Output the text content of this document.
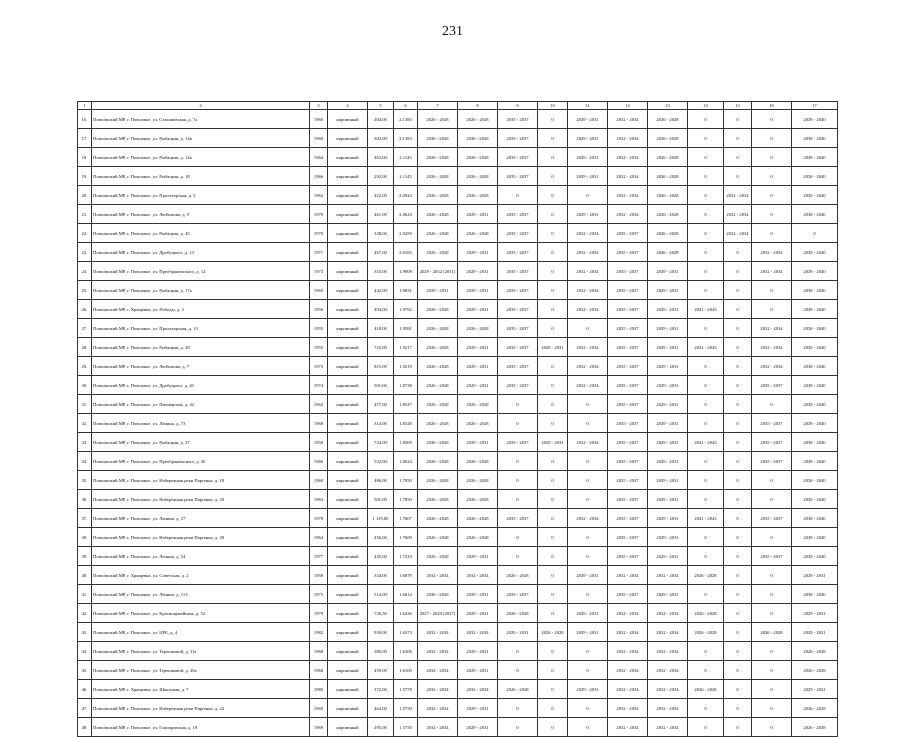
231
1	2	3	4	5	6	7	8	9	10	11	12	13	14	15	16	17
16.	Поволжский МР, г. Поволжье, ул. Стахановская, д. 7а	1960	кирпичный	204,00	2.1383	2026 - 2028	2026 - 2028	2035 - 2037	0	2029 - 2031	2032 - 2034	2026 - 2028	0	0	0	2038 - 2040
17.	Поволжский МР, г. Поволжье, ул. Рыбацкая, д. 14в	1960	кирпичный	302,00	2.1383	2026 - 2028	2026 - 2028	2035 - 2037	0	2029 - 2031	2032 - 2034	2026 - 2028	0	0	0	2038 - 2040
18.	Поволжский МР, г. Поволжье, ул. Рыбацкая, д. 14а	1964	кирпичный	463,00	2.1143	2026 - 2028	2026 - 2028	2035 - 2037	0	2029 - 2031	2032 - 2034	2026 - 2028	0	0	0	2038 - 2040
19.	Поволжский МР, г. Поволжье, ул. Рыбацкая, д. 18	1966	кирпичный	292,00	2.1143	2026 - 2028	2026 - 2028	2035 - 2037	0	2029 - 2031	2032 - 2034	2026 - 2028	0	0	0	2038 - 2040
20.	Поволжский МР, г. Поволжье, ул. Пролетарская, д. 5	1962	кирпичный	422,00	2.0944	2026 - 2028	2026 - 2028	0	0	0	2032 - 2034	2026 - 2028	0	2032 - 2034	0	2038 - 2040
21.	Поволжский МР, г. Поволжье, ул. Любимова, д. 5	1970	кирпичный	461,00	2.0623	2026 - 2028	2029 - 2031	2035 - 2037	0	2029 - 2031	2032 - 2034	2026 - 2028	0	2032 - 2034	0	2038 - 2040
22.	Поволжский МР, г. Поволжье, ул. Рыбацкая, д. 45	1970	кирпичный	338,00	2.0459	2026 - 2028	2026 - 2028	2035 - 2037	0	2032 - 2034	2035 - 2037	2026 - 2028	0	2032 - 2034	0	0
23.	Поволжский МР, г. Поволжье, ул. Дробуцкого, д. 13	1971	кирпичный	467,00	2.0165	2026 - 2028	2029 - 2031	2035 - 2037	0	2032 - 2034	2035 - 2037	2026 - 2028	0	0	2032 - 2034	2038 - 2040
24.	Поволжский МР, г. Поволжье, ул. Преображенского, д. 12	1973	кирпичный	353,00	1.9908	2029 - 2032 (2031)	2029 - 2031	2035 - 2037	0	2032 - 2034	2035 - 2037	2029 - 2031	0	0	2032 - 2034	2038 - 2040
25.	Поволжский МР, г. Поволжье, ул. Рыбацкая, д. 17а	1965	кирпичный	442,00	1.9831	2029 - 2031	2029 - 2031	2035 - 2037	0	2032 - 2034	2035 - 2037	2029 - 2031	0	0	0	2038 - 2040
26.	Поволжский МР, г. Хрящевка, ул. Победы, д. 2	1956	кирпичный	494,00	1.9792	2026 - 2028	2029 - 2031	2035 - 2037	0	2032 - 2034	2035 - 2037	2029 - 2031	2041 - 2043	0	0	2038 - 2040
27.	Поволжский МР, г. Поволжье, ул. Пролетарская, д. 13	1955	кирпичный	418,00	1.9581	2026 - 2028	2026 - 2028	2035 - 2037	0	0	2035 - 2037	2029 - 2031	0	0	2032 - 2034	2038 - 2040
28.	Поволжский МР, г. Поволжье, ул. Рыбацкая, д. 38	1955	кирпичный	725,00	1.9217	2026 - 2028	2029 - 2031	2035 - 2037	2029 - 2031	2032 - 2034	2035 - 2037	2029 - 2031	2041 - 2043	0	2032 - 2034	2038 - 2040
29.	Поволжский МР, г. Поволжье, ул. Любимова, д. 7	1973	кирпичный	815,00	1.9219	2026 - 2028	2029 - 2031	2035 - 2037	0	2032 - 2034	2035 - 2037	2029 - 2031	0	0	2032 - 2034	2038 - 2040
30.	Поволжский МР, г. Поволжье, ул. Дробуцкого, д. 20	1974	кирпичный	501,00	1.8738	2026 - 2028	2029 - 2031	2035 - 2037	0	2032 - 2034	2035 - 2037	2029 - 2031	0	0	2035 - 2037	2038 - 2040
31.	Поволжский МР, г. Поволжье, ул. Пионерская, д. 42	1962	кирпичный	457,00	1.8547	2026 - 2028	2026 - 2028	0	0	0	2035 - 2037	2029 - 2031	0	0	0	2038 - 2040
32.	Поволжский МР, г. Поволжье, ул. Ленина, д. 73	1968	кирпичный	314,00	1.8328	2026 - 2028	2026 - 2028	0	0	0	2035 - 2037	2029 - 2031	0	0	2035 - 2037	2038 - 2040
33.	Поволжский МР, г. Поволжье, ул. Рыбацкая, д. 37	1958	кирпичный	724,00	1.8309	2026 - 2028	2029 - 2031	2035 - 2037	2029 - 2031	2032 - 2034	2035 - 2037	2029 - 2031	2041 - 2043	0	2035 - 2037	2038 - 2040
34.	Поволжский МР, г. Поволжье, ул. Преображенского, д. 20	1960	кирпичный	532,00	1.8024	2026 - 2028	2026 - 2028	0	0	0	2035 - 2037	2029 - 2031	0	0	2035 - 2037	2038 - 2040
35.	Поволжский МР, г. Поволжье, ул. Набережная реки Паргенка, д. 18	1960	кирпичный	486,00	1.7850	2026 - 2028	2026 - 2028	0	0	0	2035 - 2037	2029 - 2031	0	0	0	2038 - 2040
36.	Поволжский МР, г. Поволжье, ул. Набережная реки Паргенка, д. 20	1963	кирпичный	501,00	1.7850	2026 - 2028	2026 - 2028	0	0	0	2035 - 2037	2029 - 2031	0	0	0	2038 - 2040
37.	Поволжский МР, г. Поволжье, ул. Ленина, д. 27	1978	кирпичный	1 119,00	1.7607	2026 - 2028	2026 - 2028	2035 - 2037	0	2032 - 2034	2035 - 2037	2029 - 2031	2041 - 2043	0	2035 - 2037	2038 - 2040
38.	Поволжский МР, г. Поволжье, ул. Набережная реки Паргенка, д. 28	1964	кирпичный	456,00	1.7609	2026 - 2028	2026 - 2028	0	0	0	2035 - 2037	2029 - 2031	0	0	0	2038 - 2040
39.	Поволжский МР, г. Поволжье, ул. Ленина, д. 54	1977	кирпичный	445,00	1.7319	2026 - 2028	2029 - 2031	0	0	0	2035 - 2037	2029 - 2031	0	0	2035 - 2037	2038 - 2040
40.	Поволжский МР, г. Хрящевка, ул. Советская, д. 2	1958	кирпичный	334,00	1.6879	2032 - 2034	2032 - 2034	2026 - 2028	0	2029 - 2031	2032 - 2034	2032 - 2034	2026 - 2028	0	0	2029 - 2031
41.	Поволжский МР, г. Поволжье, ул. Ленина, д. 113	1975	кирпичный	514,00	1.6814	2026 - 2028	2029 - 2031	2035 - 2037	0	0	2035 - 2037	2029 - 2031	0	0	0	2038 - 2040
42.	Поволжский МР, г. Поволжье, ул. Красноармейская, д. 52	1979	кирпичный	726,50	1.6436	2027 - 2029 (2027)	2029 - 2031	2026 - 2028	0	2029 - 2031	2032 - 2034	2032 - 2034	2026 - 2028	0	0	2029 - 2031
43.	Поволжский МР, г. Поволжье, ул. ЦРБ, д. 4	1982	кирпичный	930,00	1.6373	2032 - 2034	2032 - 2034	2029 - 2031	2026 - 2028	2029 - 2031	2032 - 2034	2032 - 2034	2026 - 2028	0	2026 - 2028	2029 - 2031
44.	Поволжский МР, г. Поволжье, ул. Терешковой, д. 11а	1968	кирпичный	380,00	1.6306	2032 - 2034	2029 - 2031	0	0	0	2032 - 2034	2032 - 2034	0	0	0	2026 - 2028
45.	Поволжский МР, г. Поволжье, ул. Терешковой, д. 20а	1968	кирпичный	459,00	1.6100	2032 - 2034	2029 - 2031	0	0	0	2032 - 2034	2032 - 2034	0	0	0	2026 - 2028
46.	Поволжский МР, г. Хрящевка, ул. Школьная, д. 7	1980	кирпичный	372,00	1.5778	2032 - 2034	2032 - 2034	2026 - 2028	0	2029 - 2031	2032 - 2034	2032 - 2034	2026 - 2028	0	0	2029 - 2031
47.	Поволжский МР, г. Поволжье, ул. Набережная реки Паргенка, д. 22	1969	кирпичный	464,00	1.5750	2032 - 2034	2029 - 2031	0	0	0	2032 - 2034	2032 - 2034	0	0	0	2026 - 2028
48.	Поволжский МР, г. Поволжье, ул. Гончаровская, д. 18	1969	кирпичный	295,00	1.5750	2032 - 2034	2029 - 2031	0	0	0	2032 - 2034	2032 - 2034	0	0	0	2026 - 2028
